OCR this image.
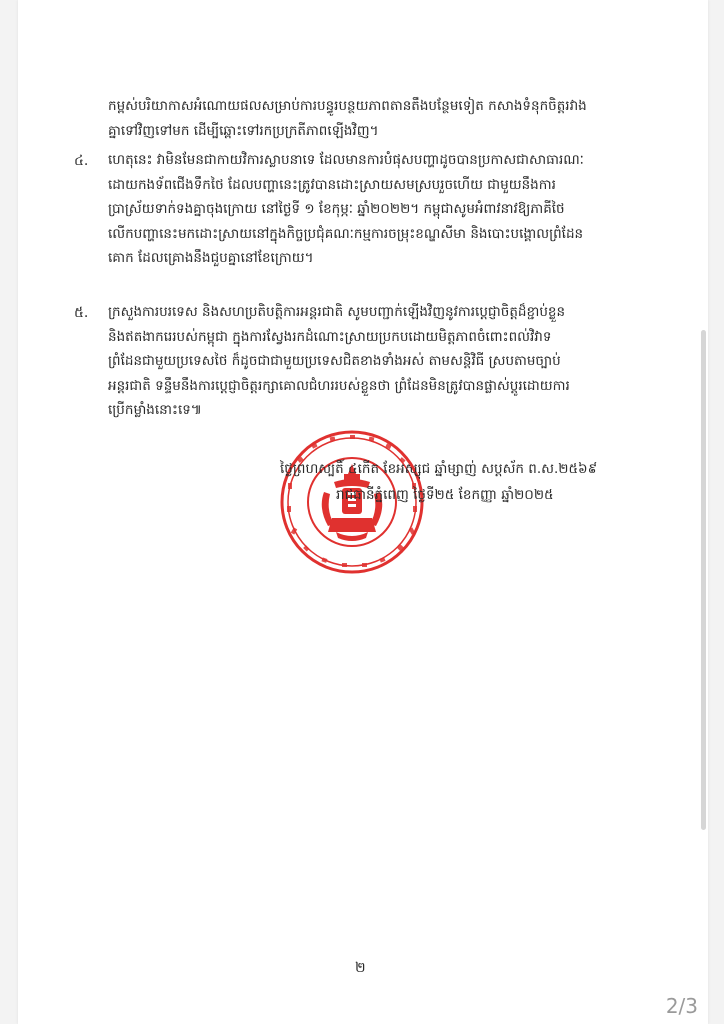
កម្ពស់បរិយាកាសអំណោយផលសម្រាប់ការបន្ធូរបន្ថយភាពតានតឹងបន្ថែមទៀត កសាងទំនុកចិត្តរវាង
គ្នាទៅវិញទៅមក ដើម្បីឆ្ពោះទៅរកប្រក្រតីភាពឡើងវិញ។
៤. ហេតុនេះ វាមិនមែនជាកាយវិការស្លាបនាទេ ដែលមានការបំផុសបញ្ហាដូចបានប្រកាសជាសាធារណៈ
ដោយកងទ័ពជើងទឹកថៃ ដែលបញ្ហានេះត្រូវបានដោះស្រាយសមស្របរួចហើយ ជាមួយនឹងការ
ប្រាស្រ័យទាក់ទងគ្នាចុងក្រោយ នៅថ្ងៃទី ១ ខែកុម្ភៈ ឆ្នាំ២០២២។ កម្ពុជាសូមអំពាវនាវឱ្យភាគីថៃ
លើកបញ្ហានេះមកដោះស្រាយនៅក្នុងកិច្ចប្រជុំគណៈកម្មការចម្រុះខណ្ឌសីមា និងបោះបង្គោលព្រំដែន
គោក ដែលគ្រោងនឹងជួបគ្នានៅខែក្រោយ។
៥. ក្រសួងការបរទេស និងសហប្រតិបត្តិការអន្តរជាតិ សូមបញ្ជាក់ឡើងវិញនូវការប្តេជ្ញាចិត្តដ៏ខ្ជាប់ខ្លួន
និងឥតងាករេរបស់កម្ពុជា ក្នុងការស្វែងរកដំណោះស្រាយប្រកបដោយមិត្តភាពចំពោះពល់វិវាទ
ព្រំដែនជាមួយប្រទេសថៃ ក៏ដូចជាជាមួយប្រទេសជិតខាងទាំងអស់ តាមសន្តិវិធី ស្របតាមច្បាប់
អន្តរជាតិ ទន្ទឹមនឹងការប្តេជ្ញាចិត្តរក្សាគោលជំហររបស់ខ្លួនថា ព្រំដែនមិនត្រូវបានផ្លាស់ប្តូរដោយការ
ប្រើកម្លាំងនោះទេ៕
ថ្ងៃព្រហស្បតិ៍ ៤កើត ខែអស្សុជ ឆ្នាំម្សាញ់ សប្តស័ក ព.ស.២៥៦៩
រាជធានីភ្នំពេញ ថ្ងៃទី២៥ ខែកញ្ញា ឆ្នាំ២០២៥
២
2/3
